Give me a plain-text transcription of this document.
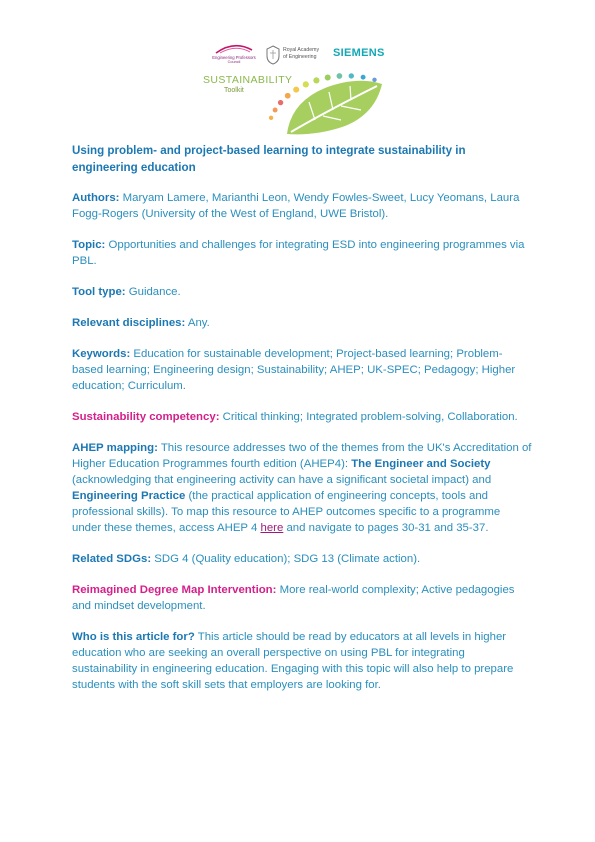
Engineering Professors
Council
Royal Academy
of Engineering SIEMENS
SUSTAINABILITY
Toolkit
Using problem- and project-based learning to integrate sustainability in engineering education

Authors: Maryam Lamere, Marianthi Leon, Wendy Fowles-Sweet, Lucy Yeomans, Laura Fogg-Rogers (University of the West of England, UWE Bristol).

Topic: Opportunities and challenges for integrating ESD into engineering programmes via PBL.

Tool type: Guidance.

Relevant disciplines: Any.

Keywords: Education for sustainable development; Project-based learning; Problem-based learning; Engineering design; Sustainability; AHEP; UK-SPEC; Pedagogy; Higher education; Curriculum.

Sustainability competency: Critical thinking; Integrated problem-solving, Collaboration.

AHEP mapping: This resource addresses two of the themes from the UK's Accreditation of Higher Education Programmes fourth edition (AHEP4): The Engineer and Society (acknowledging that engineering activity can have a significant societal impact) and Engineering Practice (the practical application of engineering concepts, tools and professional skills). To map this resource to AHEP outcomes specific to a programme under these themes, access AHEP 4 here and navigate to pages 30-31 and 35-37.

Related SDGs: SDG 4 (Quality education); SDG 13 (Climate action).

Reimagined Degree Map Intervention: More real-world complexity; Active pedagogies and mindset development.

Who is this article for? This article should be read by educators at all levels in higher education who are seeking an overall perspective on using PBL for integrating sustainability in engineering education. Engaging with this topic will also help to prepare students with the soft skill sets that employers are looking for.
